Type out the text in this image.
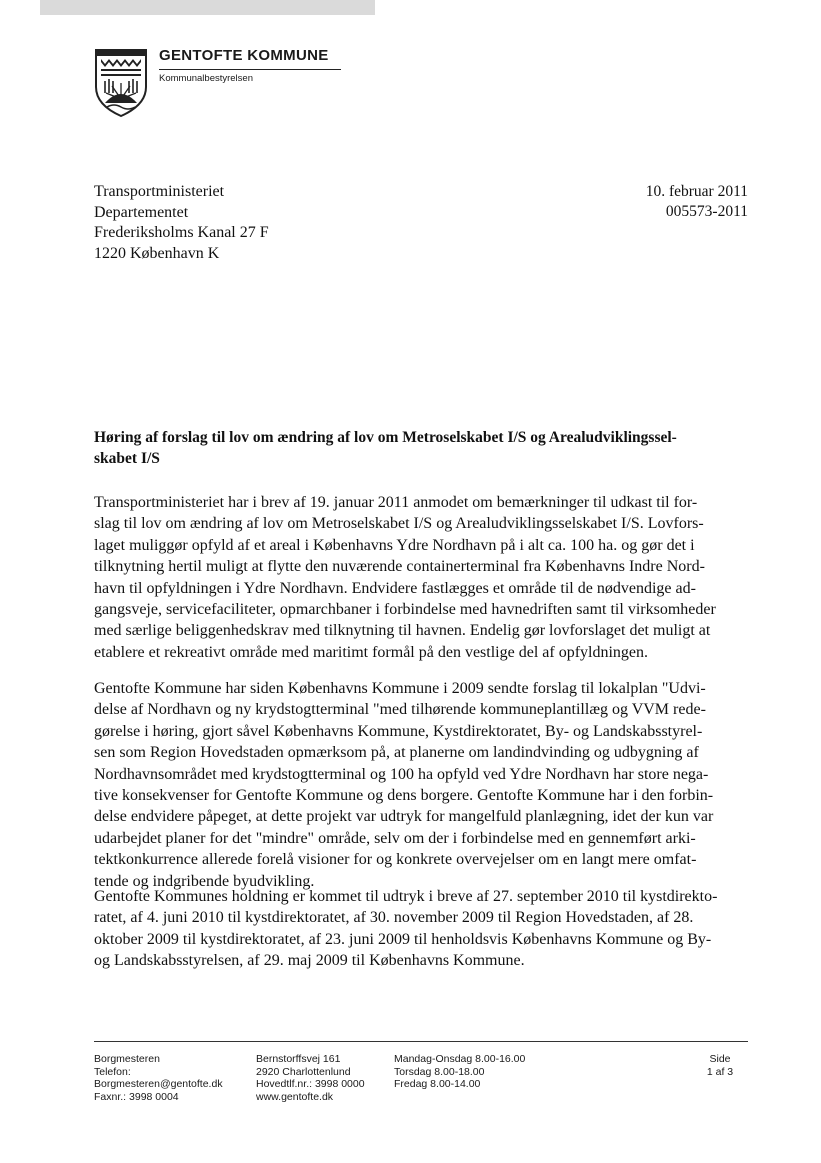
GENTOFTE KOMMUNE
Kommunalbestyrelsen
Transportministeriet
Departementet
Frederiksholms Kanal 27 F
1220 København K
10. februar 2011
005573-2011
Høring af forslag til lov om ændring af lov om Metroselskabet I/S og Arealudviklingssel-
skabet I/S
Transportministeriet har i brev af 19. januar 2011 anmodet om bemærkninger til udkast til for-
slag til lov om ændring af lov om Metroselskabet I/S og Arealudviklingsselskabet I/S. Lovfors-
laget muliggør opfyld af et areal i Københavns Ydre Nordhavn på i alt ca. 100 ha. og gør det i
tilknytning hertil muligt at flytte den nuværende containerterminal fra Københavns Indre Nord-
havn til opfyldningen i Ydre Nordhavn. Endvidere fastlægges et område til de nødvendige ad-
gangsveje, servicefaciliteter, opmarchbaner i forbindelse med havnedriften samt til virksomheder
med særlige beliggenhedskrav med tilknytning til havnen. Endelig gør lovforslaget det muligt at
etablere et rekreativt område med maritimt formål på den vestlige del af opfyldningen.
Gentofte Kommune har siden Københavns Kommune i 2009 sendte forslag til lokalplan "Udvi-
delse af Nordhavn og ny krydstogtterminal "med tilhørende kommuneplantillæg og VVM rede-
gørelse i høring, gjort såvel Københavns Kommune, Kystdirektoratet, By- og Landskabsstyrel-
sen som Region Hovedstaden opmærksom på, at planerne om landindvinding og udbygning af
Nordhavnsområdet med krydstogtterminal og 100 ha opfyld ved Ydre Nordhavn har store nega-
tive konsekvenser for Gentofte Kommune og dens borgere. Gentofte Kommune har i den forbin-
delse endvidere påpeget, at dette projekt var udtryk for mangelfuld planlægning, idet der kun var
udarbejdet planer for det "mindre" område, selv om der i forbindelse med en gennemført arki-
tektkonkurrence allerede forelå visioner for og konkrete overvejelser om en langt mere omfat-
tende og indgribende byudvikling.
Gentofte Kommunes holdning er kommet til udtryk i breve af 27. september 2010 til kystdirekto-
ratet, af 4. juni 2010 til kystdirektoratet, af 30. november 2009 til Region Hovedstaden, af 28.
oktober 2009 til kystdirektoratet, af 23. juni 2009 til henholdsvis Københavns Kommune og By-
og Landskabsstyrelsen, af 29. maj 2009 til Københavns Kommune.
Borgmesteren
Telefon:
Borgmesteren@gentofte.dk
Faxnr.: 3998 0004
Bernstorffsvej 161
2920 Charlottenlund
Hovedtlf.nr.: 3998 0000
www.gentofte.dk
Mandag-Onsdag 8.00-16.00
Torsdag 8.00-18.00
Fredag 8.00-14.00
Side
1 af 3
